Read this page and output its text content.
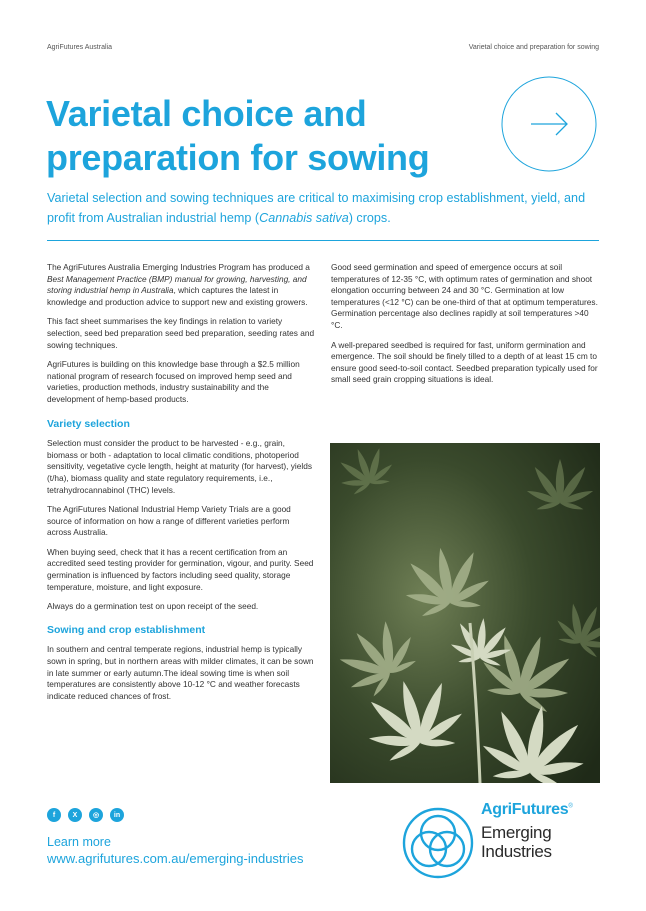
AgriFutures Australia	Varietal choice and preparation for sowing
Varietal choice and
preparation for sowing
Varietal selection and sowing techniques are critical to maximising crop establishment, yield, and profit from Australian industrial hemp (Cannabis sativa) crops.

The AgriFutures Australia Emerging Industries Program has produced a Best Management Practice (BMP) manual for growing, harvesting, and storing industrial hemp in Australia, which captures the latest in knowledge and production advice to support new and existing growers.

This fact sheet summarises the key findings in relation to variety selection, seed bed preparation seed bed preparation, seeding rates and sowing techniques.

AgriFutures is building on this knowledge base through a $2.5 million national program of research focused on improved hemp seed and varieties, production methods, industry sustainability and the development of hemp-based products.

Variety selection

Selection must consider the product to be harvested - e.g., grain, biomass or both - adaptation to local climatic conditions, photoperiod sensitivity, vegetative cycle length, height at maturity (for harvest), yields (t/ha), biomass quality and state regulatory requirements, i.e., tetrahydrocannabinol (THC) levels.

The AgriFutures National Industrial Hemp Variety Trials are a good source of information on how a range of different varieties perform across Australia.

When buying seed, check that it has a recent certification from an accredited seed testing provider for germination, vigour, and purity. Seed germination is influenced by factors including seed quality, storage temperature, moisture, and light exposure.

Always do a germination test on upon receipt of the seed.

Sowing and crop establishment

In southern and central temperate regions, industrial hemp is typically sown in spring, but in northern areas with milder climates, it can be sown in late summer or early autumn.The ideal sowing time is when soil temperatures are consistently above 10-12 °C and weather forecasts indicate reduced chances of frost.

Good seed germination and speed of emergence occurs at soil temperatures of 12-35 °C, with optimum rates of germination and shoot elongation occurring between 24 and 30 °C. Germination at low temperatures (<12 °C) can be one-third of that at optimum temperatures. Germination percentage also declines rapidly at soil temperatures >40 °C.

A well-prepared seedbed is required for fast, uniform germination and emergence. The soil should be finely tilled to a depth of at least 15 cm to ensure good seed-to-soil contact. Seedbed preparation typically used for small seed grain cropping situations is ideal.

f	X	◎	in
Learn more
www.agrifutures.com.au/emerging-industries
AgriFutures®
Emerging
Industries
